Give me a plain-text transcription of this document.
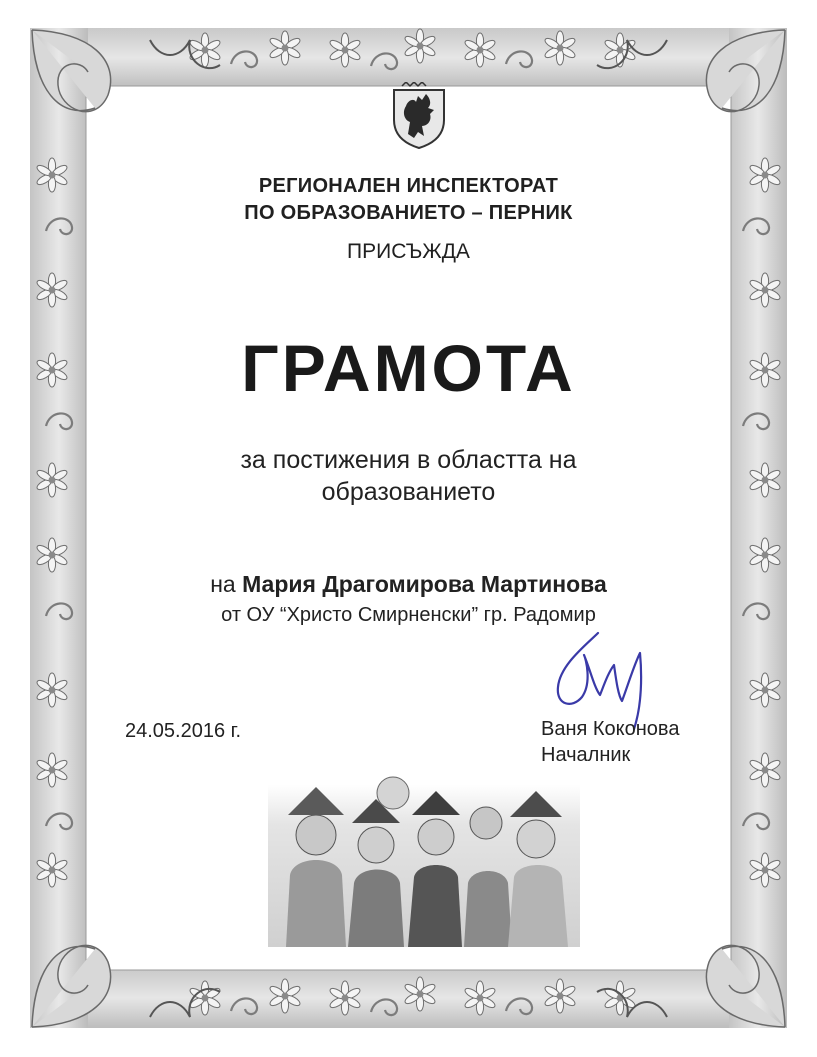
РЕГИОНАЛЕН ИНСПЕКТОРАТ
ПО ОБРАЗОВАНИЕТО – ПЕРНИК
ПРИСЪЖДА
ГРАМОТА
за постижения в областта на
образованието
на Мария Драгомирова Мартинова
от ОУ “Христо Смирненски” гр. Радомир
24.05.2016 г.	Ваня Коконова
Началник
